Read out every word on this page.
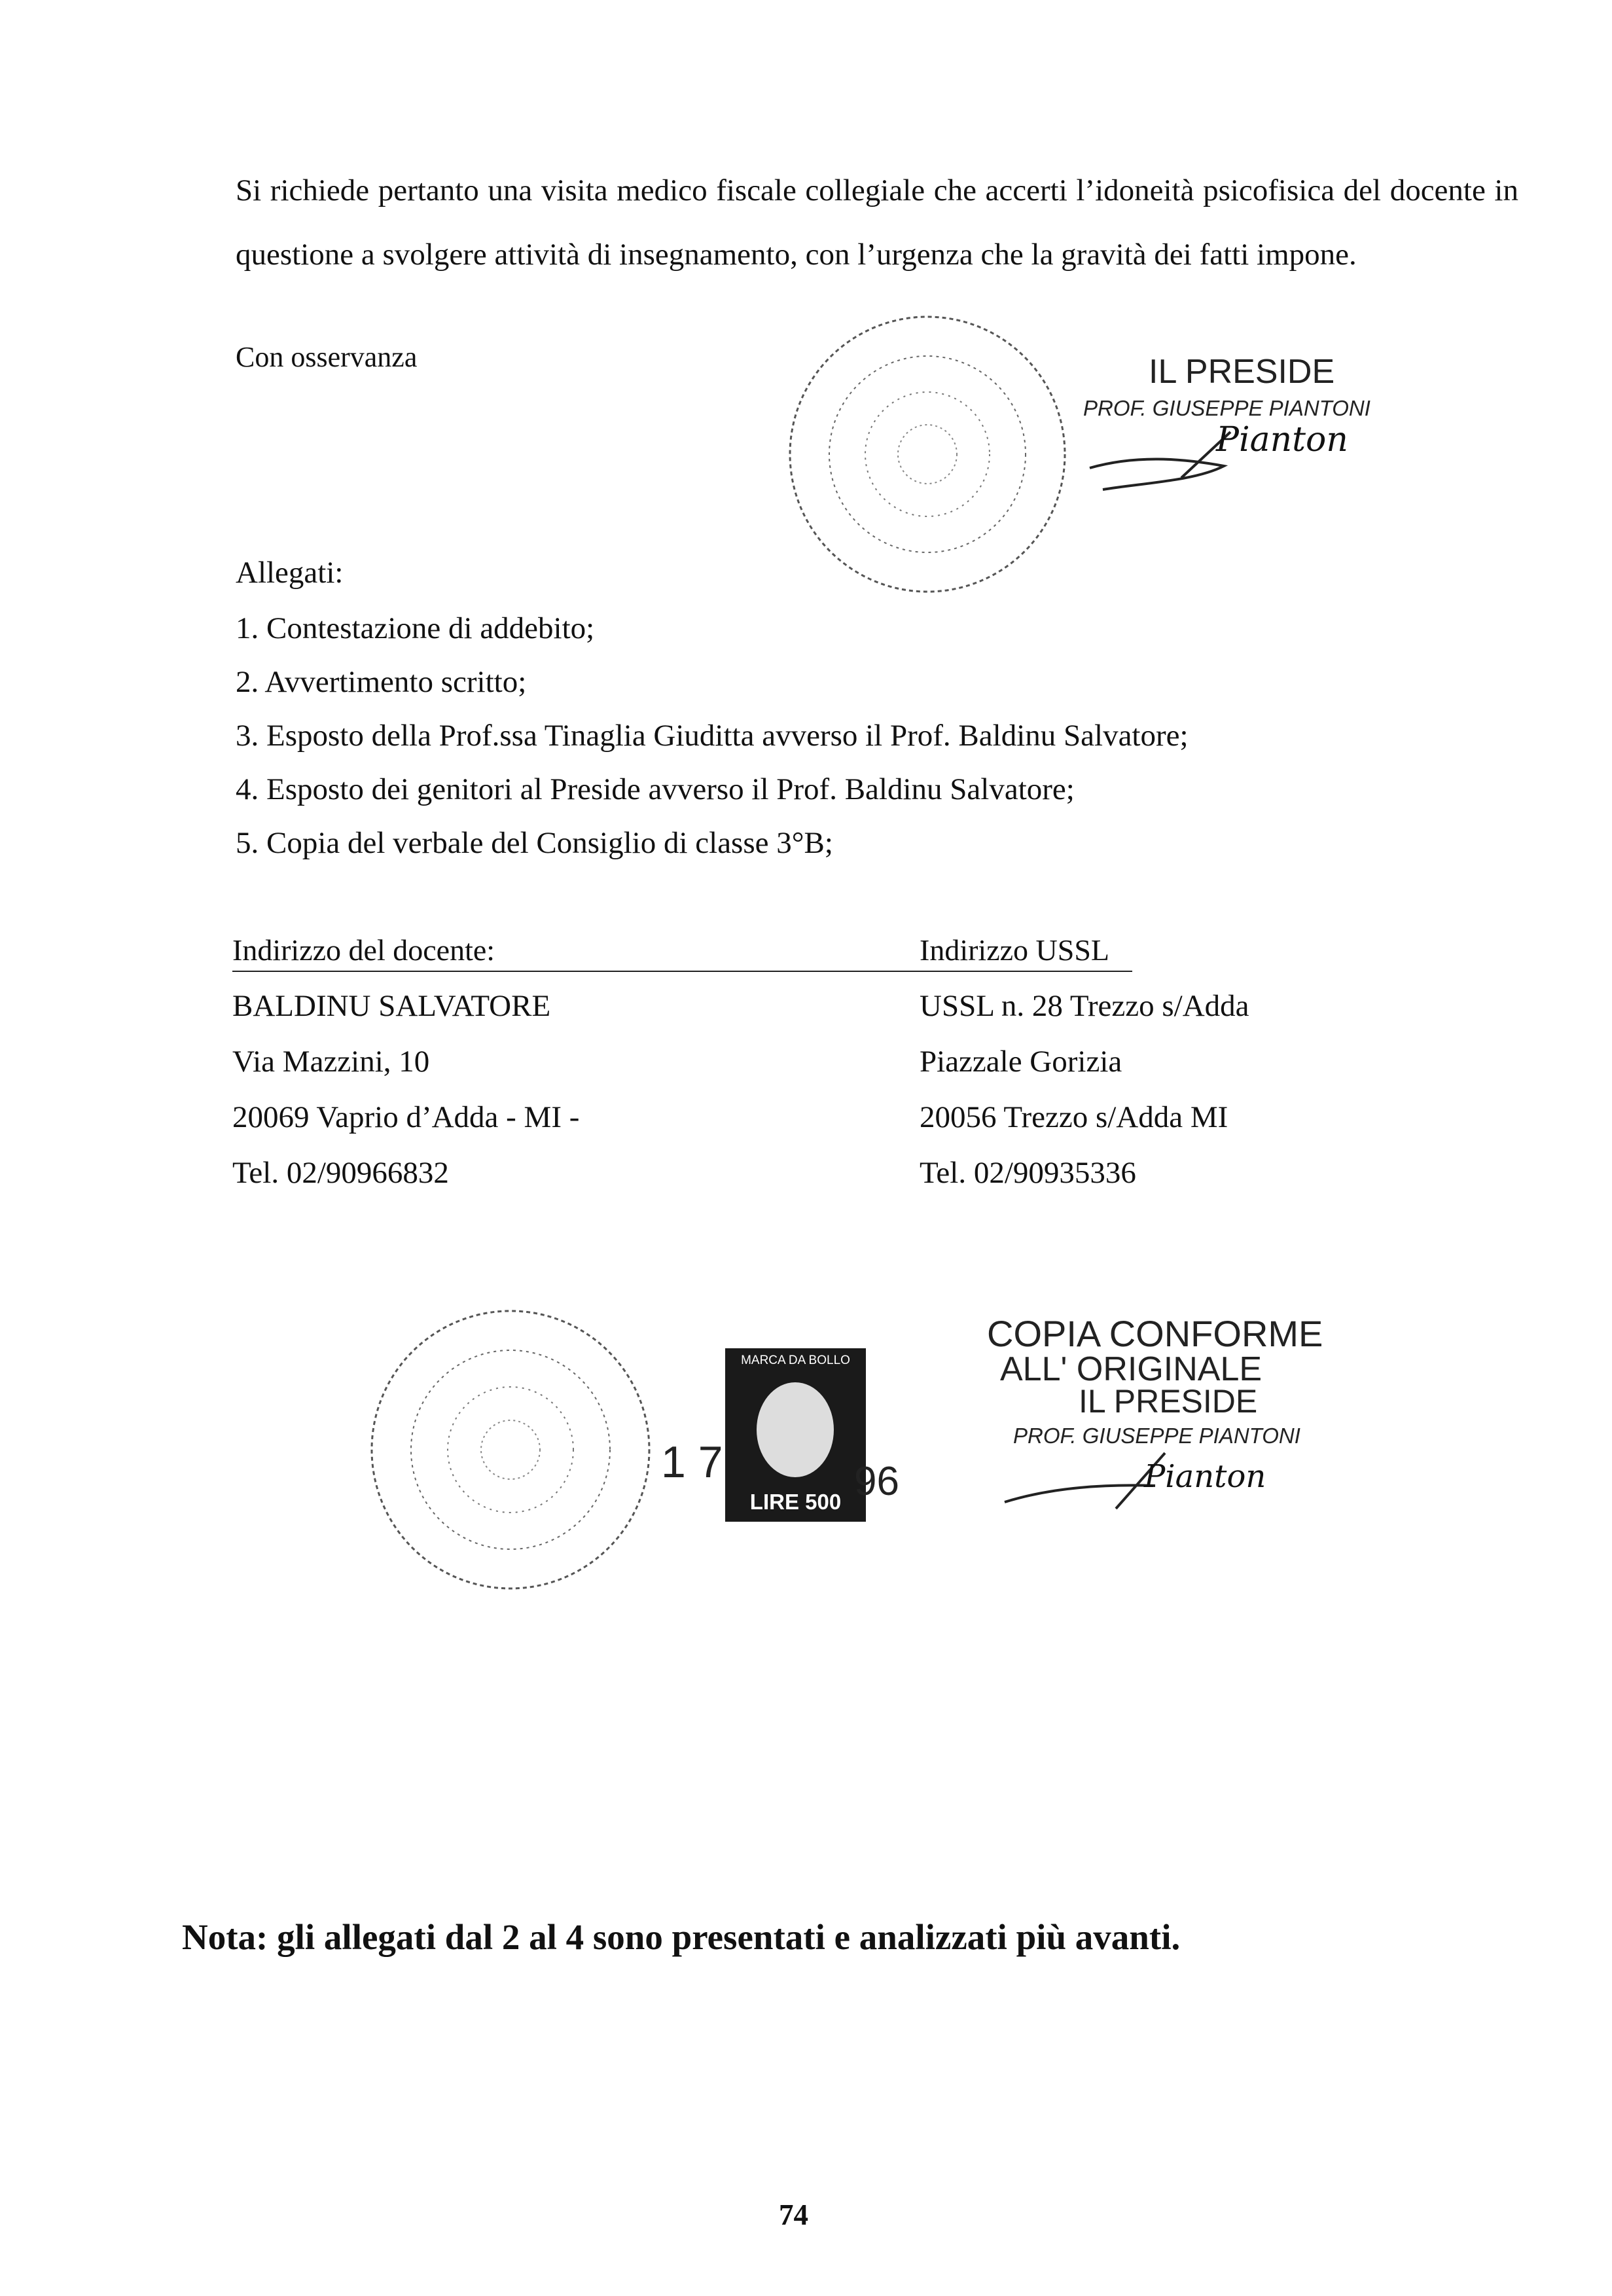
Si richiede pertanto una visita medico fiscale collegiale che accerti l’idoneità psicofisica del docente in questione a svolgere attività di insegnamento, con l’urgenza che la gravità dei fatti impone.
Con osservanza	IL PRESIDE
PROF. GIUSEPPE PIANTONI
Pianton
Allegati:
1. Contestazione di addebito;
2. Avvertimento scritto;
3. Esposto della Prof.ssa Tinaglia Giuditta avverso il Prof. Baldinu Salvatore;
4. Esposto dei genitori al Preside avverso il Prof. Baldinu Salvatore;
5. Copia del verbale del Consiglio di classe 3°B;
Indirizzo del docente:
BALDINU SALVATORE
Via Mazzini, 10
20069 Vaprio d’Adda - MI -
Tel. 02/90966832
Indirizzo USSL
USSL n. 28 Trezzo s/Adda
Piazzale Gorizia
20056 Trezzo s/Adda MI
Tel. 02/90935336
1 7
MARCA DA BOLLO
LIRE 500 96
COPIA CONFORME
ALL' ORIGINALE
IL PRESIDE
PROF. GIUSEPPE PIANTONI
Pianton
Nota: gli allegati dal 2 al 4 sono presentati e analizzati più avanti.
74
